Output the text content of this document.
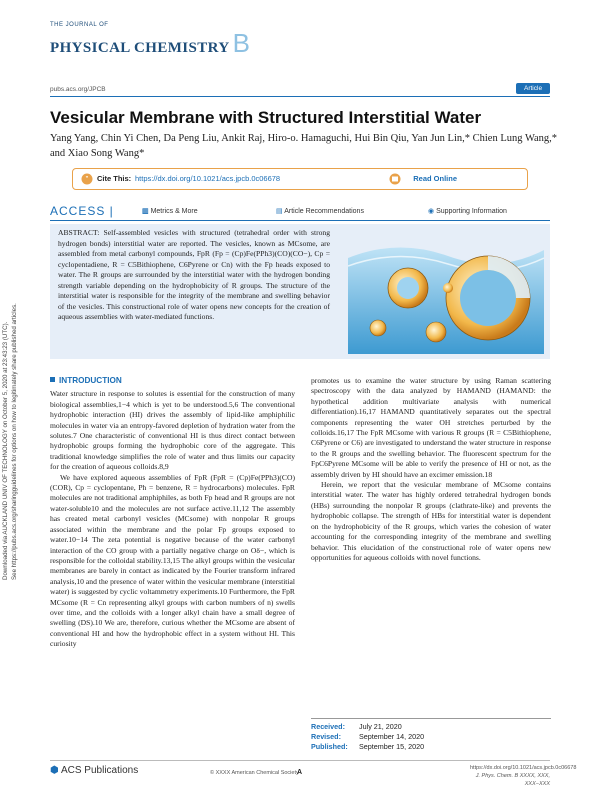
Downloaded via AUCKLAND UNIV OF TECHNOLOGY on October 5, 2020 at 23:43:23 (UTC). See https://pubs.acs.org/sharingguidelines for options on how to legitimately share published articles.
THE JOURNAL OF
PHYSICAL CHEMISTRY B
pubs.acs.org/JPCB	Article
Vesicular Membrane with Structured Interstitial Water
Yang Yang, Chin Yi Chen, Da Peng Liu, Ankit Raj, Hiro-o. Hamaguchi, Hui Bin Qiu, Yan Jun Lin,* Chien Lung Wang,* and Xiao Song Wang*
” Cite This: https://dx.doi.org/10.1021/acs.jpcb.0c06678	Read Online
ACCESS |	▥ Metrics & More	▤ Article Recommendations	◉ Supporting Information
ABSTRACT: Self-assembled vesicles with structured (tetrahedral order with strong hydrogen bonds) interstitial water are reported. The vesicles, known as MCsome, are assembled from metal carbonyl compounds, FpR (Fp = (Cp)Fe(PPh3)(CO)(CO−), Cp = cyclopentadiene, R = C5Bithiophene, C6Pyrene or Cn) with the Fp heads exposed to water. The R groups are surrounded by the interstitial water with the hydrogen bonding strength variable depending on the hydrophobicity of R groups. The structure of the interstitial water is responsible for the integrity of the membrane and swelling behavior of the vesicles. This constructional role of water opens new concepts for the creation of aqueous assemblies with water-mediated functions.
INTRODUCTION

Water structure in response to solutes is essential for the construction of many biological assemblies,1−4 which is yet to be understood.5,6 The conventional hydrophobic interaction (HI) drives the assembly of lipid-like amphiphilic molecules in water via an entropy-favored depletion of hydration water from the solutes.7 One characteristic of conventional HI is thus direct contact between hydrophobic groups forming the hydrophobic core of the aggregate. This traditional knowledge simplifies the role of water and thus limits our capacity for the creation of aqueous colloids.8,9

We have explored aqueous assemblies of FpR (FpR = (Cp)Fe(PPh3)(CO)(COR), Cp = cyclopentane, Ph = benzene, R = hydrocarbons) molecules. FpR molecules are not traditional amphiphiles, as both Fp head and R groups are not water-soluble10 and the molecules are not surface active.11,12 The assembly has created metal carbonyl vesicles (MCsome) with nonpolar R groups associated within the membrane and the polar Fp groups exposed to water.10−14 The zeta potential is negative because of the water carbonyl interaction of the CO group with a partially negative charge on Oδ−, which is responsible for the colloidal stability.13,15 The alkyl groups within the vesicular membranes are barely in contact as indicated by the Fourier transform infrared analysis,10 and the presence of water within the vesicular membrane (interstitial water) is suggested by cyclic voltammetry experiments.10 Furthermore, the FpR MCsome (R = Cn representing alkyl groups with carbon numbers of n) swells over time, and the colloids with a longer alkyl chain have a small degree of swelling (DS).10 We are, therefore, curious whether the MCsome are absent of conventional HI and how the hydrophobic effect in a system without HI. This curiosity

promotes us to examine the water structure by using Raman scattering spectroscopy with the data analyzed by HAMAND (HAMAND: the hypothetical addition multivariate analysis with numerical differentiation).16,17 HAMAND quantitatively separates out the spectral components representing the water OH stretches perturbed by the colloids.16,17 The FpR MCsome with various R groups (R = C5Bithiophene, C6Pyrene or C6) are investigated to understand the water structure in response to the R groups and the swelling behavior. The fluorescent spectrum for the FpC6Pyrene MCsome will be able to verify the presence of HI or not, as the assembly driven by HI should have an excimer emission.18

Herein, we report that the vesicular membrane of MCsome contains interstitial water. The water has highly ordered tetrahedral hydrogen bonds (HBs) surrounding the nonpolar R groups (clathrate-like) and prevents the hydrophobic collapse. The strength of HBs for interstitial water is dependent on the hydrophobicity of the R groups, which varies the cohesion of water accounting for the corresponding integrity of the membrane and swelling behavior. This elucidation of the constructional role of water opens new opportunities for aqueous colloids with novel functions.

Received: July 21, 2020
Revised:	September 14, 2020
Published: September 15, 2020
⬢ ACS Publications	© XXXX American Chemical Society
A
https://dx.doi.org/10.1021/acs.jpcb.0c06678
J. Phys. Chem. B XXXX, XXX, XXX−XXX
